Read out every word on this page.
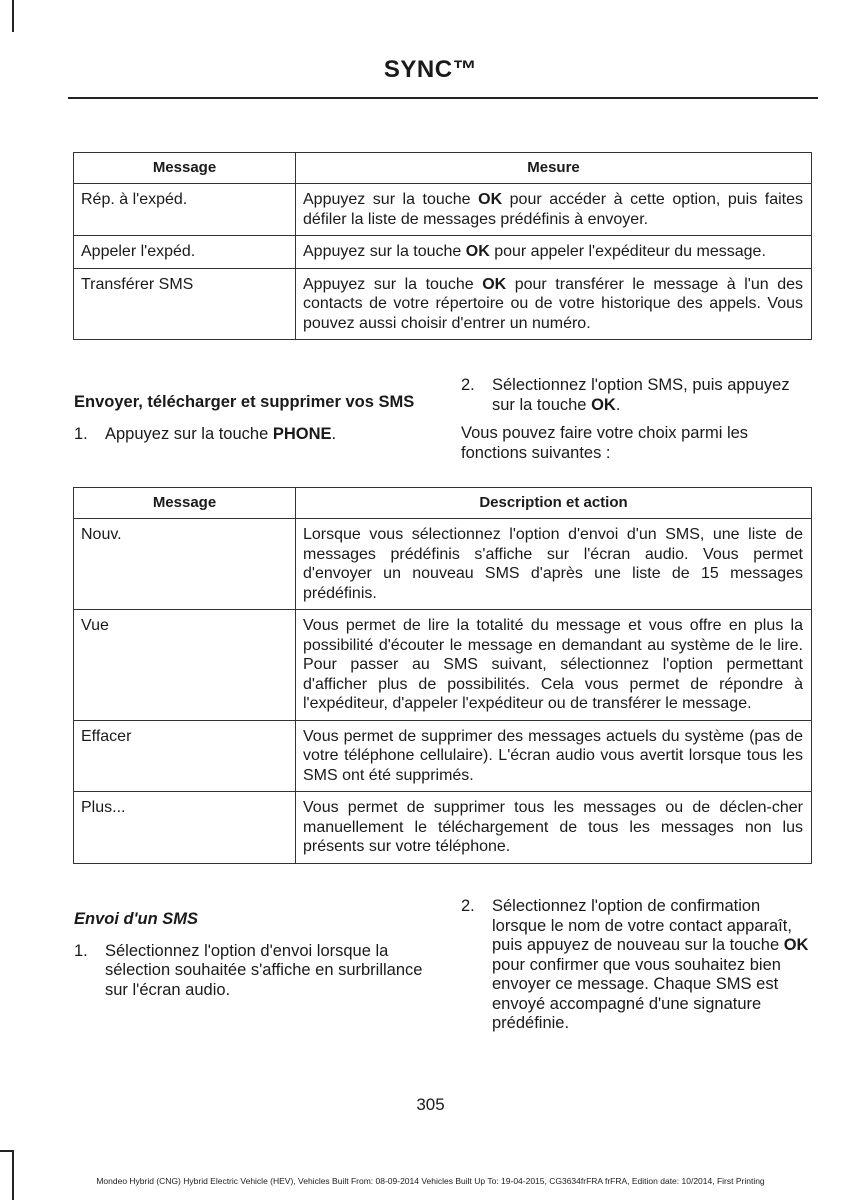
SYNC™
Message	Mesure
Rép. à l'expéd.	Appuyez sur la touche OK pour accéder à cette option, puis faites défiler la liste de messages prédéfinis à envoyer.
Appeler l'expéd.	Appuyez sur la touche OK pour appeler l'expéditeur du message.
Transférer SMS	Appuyez sur la touche OK pour transférer le message à l'un des contacts de votre répertoire ou de votre historique des appels. Vous pouvez aussi choisir d'entrer un numéro.
Envoyer, télécharger et supprimer vos SMS
1. Appuyez sur la touche PHONE.
2. Sélectionnez l'option SMS, puis appuyez sur la touche OK.
Vous pouvez faire votre choix parmi les fonctions suivantes :
Message	Description et action
Nouv.	Lorsque vous sélectionnez l'option d'envoi d'un SMS, une liste de messages prédéfinis s'affiche sur l'écran audio. Vous permet d'envoyer un nouveau SMS d'après une liste de 15 messages prédéfinis.
Vue	Vous permet de lire la totalité du message et vous offre en plus la possibilité d'écouter le message en demandant au système de le lire. Pour passer au SMS suivant, sélectionnez l'option permettant d'afficher plus de possibilités. Cela vous permet de répondre à l'expéditeur, d'appeler l'expéditeur ou de transférer le message.
Effacer	Vous permet de supprimer des messages actuels du système (pas de votre téléphone cellulaire). L'écran audio vous avertit lorsque tous les SMS ont été supprimés.
Plus...	Vous permet de supprimer tous les messages ou de déclen-cher manuellement le téléchargement de tous les messages non lus présents sur votre téléphone.
Envoi d'un SMS
1. Sélectionnez l'option d'envoi lorsque la sélection souhaitée s'affiche en surbrillance sur l'écran audio.
2. Sélectionnez l'option de confirmation lorsque le nom de votre contact apparaît, puis appuyez de nouveau sur la touche OK pour confirmer que vous souhaitez bien envoyer ce message. Chaque SMS est envoyé accompagné d'une signature prédéfinie.
305
Mondeo Hybrid (CNG) Hybrid Electric Vehicle (HEV), Vehicles Built From: 08-09-2014 Vehicles Built Up To: 19-04-2015, CG3634frFRA frFRA, Edition date: 10/2014, First Printing
